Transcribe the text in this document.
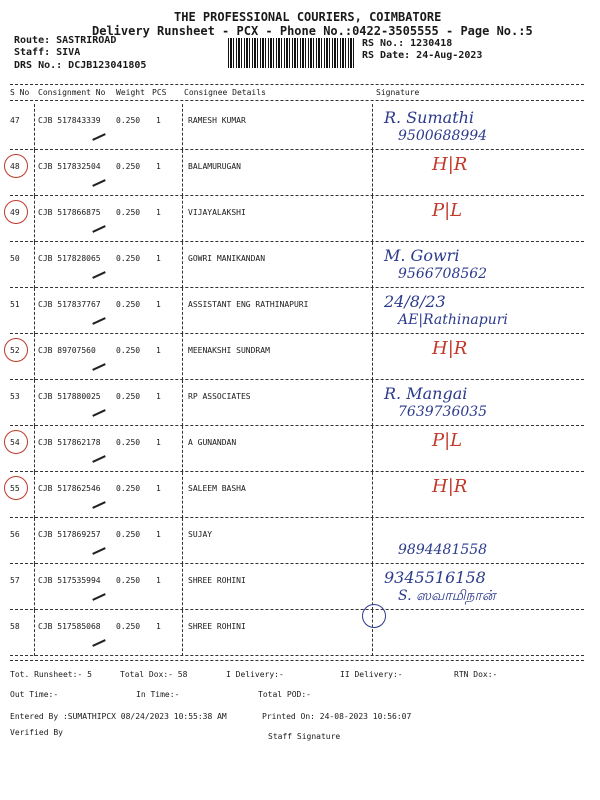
THE PROFESSIONAL COURIERS, COIMBATORE
Delivery Runsheet - PCX - Phone No.:0422-3505555 - Page No.:5
Route: SASTRIROAD
Staff: SIVA
DRS No.: DCJB123041805
RS No.: 1230418
RS Date: 24-Aug-2023
S No Consignment No Weight PCS Consignee Details	Signature
47 CJB 517843339 0.250 1	RAMESH KUMAR	R. Sumathi
9500688994
48 CJB 517832504 0.250 1	BALAMURUGAN	H|R
49 CJB 517866875 0.250 1	VIJAYALAKSHI	P|L
50 CJB 517828065 0.250 1	GOWRI MANIKANDAN	M. Gowri
9566708562
51 CJB 517837767 0.250 1	ASSISTANT ENG RATHINAPURI	24/8/23
AE|Rathinapuri
52 CJB 89707560	0.250 1	MEENAKSHI SUNDRAM	H|R
53 CJB 517880025 0.250 1	RP ASSOCIATES	R. Mangai
7639736035
54 CJB 517862178 0.250 1	A GUNANDAN	P|L
55 CJB 517862546 0.250 1	SALEEM BASHA	H|R
56 CJB 517869257 0.250 1	SUJAY
9894481558
57 CJB 517535994 0.250 1	SHREE ROHINI	9345516158
S. ஸவாமிநான்
58 CJB 517585068 0.250 1	SHREE ROHINI
Tot. Runsheet:- 5	Total Dox:- 58	I Delivery:-	II Delivery:-	RTN Dox:-
Out Time:-	In Time:-	Total POD:-
Entered By :SUMATHIPCX 08/24/2023 10:55:38 AM	Printed On: 24-08-2023 10:56:07
Verified By	Staff Signature
